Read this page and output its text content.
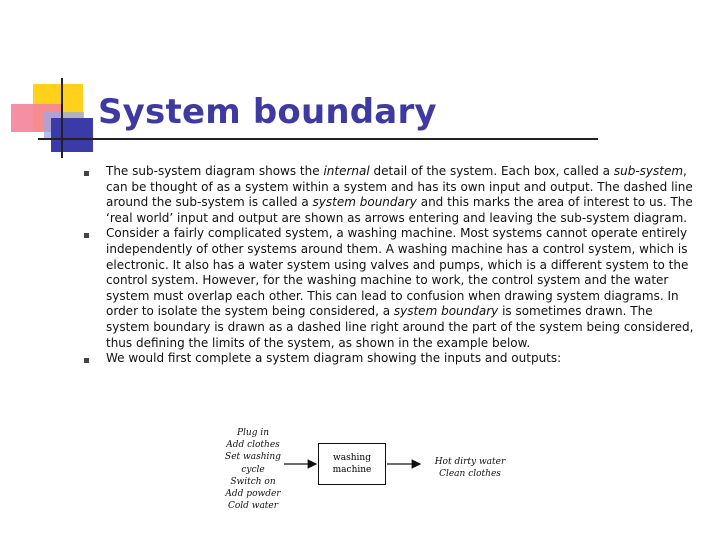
System boundary
The sub-system diagram shows the internal detail of the system. Each box, called a sub-system, can be thought of as a system within a system and has its own input and output. The dashed line around the sub-system is called a system boundary and this marks the area of interest to us. The ‘real world’ input and output are shown as arrows entering and leaving the sub-system diagram.
Consider a fairly complicated system, a washing machine. Most systems cannot operate entirely independently of other systems around them. A washing machine has a control system, which is electronic. It also has a water system using valves and pumps, which is a different system to the control system. However, for the washing machine to work, the control system and the water system must overlap each other. This can lead to confusion when drawing system diagrams. In order to isolate the system being considered, a system boundary is sometimes drawn. The system boundary is drawn as a dashed line right around the part of the system being considered, thus defining the limits of the system, as shown in the example below.
We would first complete a system diagram showing the inputs and outputs:
Plug in
Add clothes
Set washing
cycle
Switch on
Add powder
Cold water
washing
machine
Hot dirty water
Clean clothes
